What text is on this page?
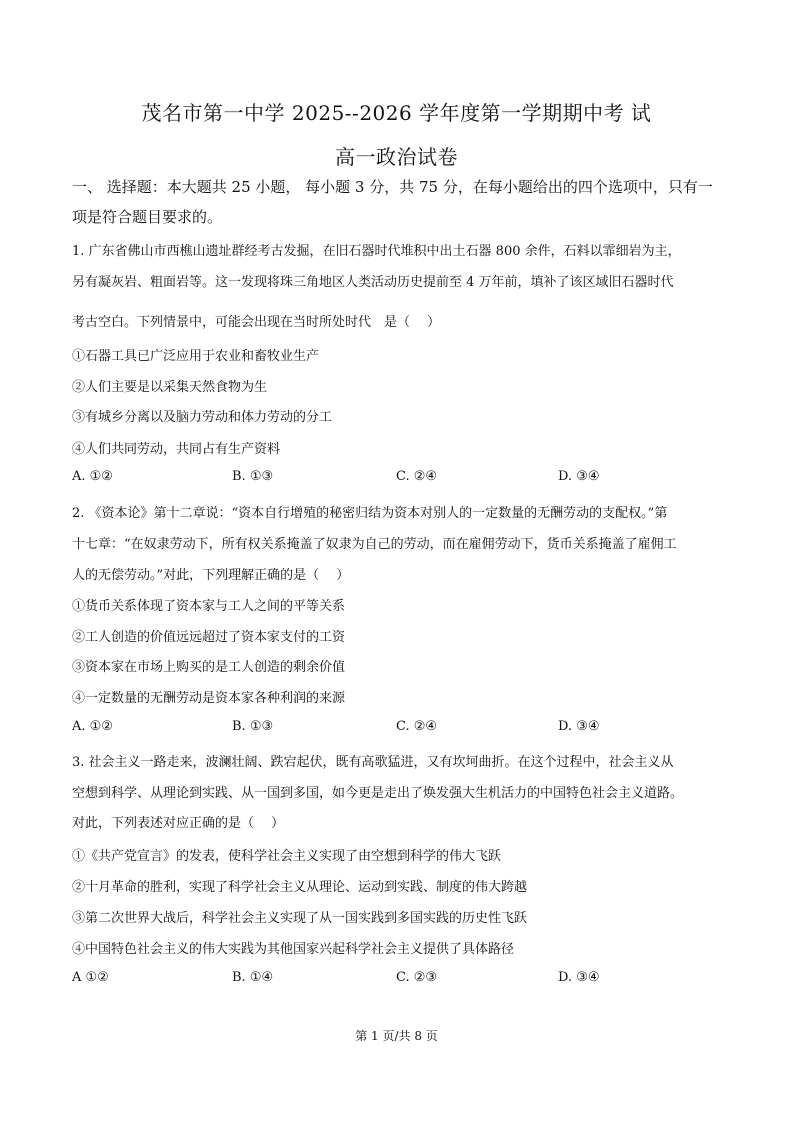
茂名市第一中学 2025--2026 学年度第一学期期中考 试
高一政治试卷
一、 选择题：本大题共 25 小题， 每小题 3 分，共 75 分，在每小题给出的四个选项中，只有一项是符合题目要求的。
1. 广东省佛山市西樵山遗址群经考古发掘，在旧石器时代堆积中出土石器 800 余件，石料以霏细岩为主，
另有凝灰岩、粗面岩等。这一发现将珠三角地区人类活动历史提前至 4 万年前，填补了该区域旧石器时代
考古空白。下列情景中，可能会出现在当时所处时代　是（　 ）
①石器工具已广泛应用于农业和畜牧业生产
②人们主要是以采集天然食物为生
③有城乡分离以及脑力劳动和体力劳动的分工
④人们共同劳动，共同占有生产资料
A. ①②	B. ①③	C. ②④	D. ③④
2. 《资本论》第十二章说：“资本自行增殖的秘密归结为资本对别人的一定数量的无酬劳动的支配权。”第
十七章：“在奴隶劳动下，所有权关系掩盖了奴隶为自己的劳动，而在雇佣劳动下，货币关系掩盖了雇佣工
人的无偿劳动。”对此，下列理解正确的是（　 ）
①货币关系体现了资本家与工人之间的平等关系
②工人创造的价值远远超过了资本家支付的工资
③资本家在市场上购买的是工人创造的剩余价值
④一定数量的无酬劳动是资本家各种利润的来源
A. ①②	B. ①③	C. ②④	D. ③④
3. 社会主义一路走来，波澜壮阔、跌宕起伏，既有高歌猛进，又有坎坷曲折。在这个过程中，社会主义从
空想到科学、从理论到实践、从一国到多国，如今更是走出了焕发强大生机活力的中国特色社会主义道路。
对此，下列表述对应正确的是（　 ）
①《共产党宣言》的发表，使科学社会主义实现了由空想到科学的伟大飞跃
②十月革命的胜利，实现了科学社会主义从理论、运动到实践、制度的伟大跨越
③第二次世界大战后，科学社会主义实现了从一国实践到多国实践的历史性飞跃
④中国特色社会主义的伟大实践为其他国家兴起科学社会主义提供了具体路径
A ①②	B. ①④	C. ②③	D. ③④
第 1 页/共 8 页
